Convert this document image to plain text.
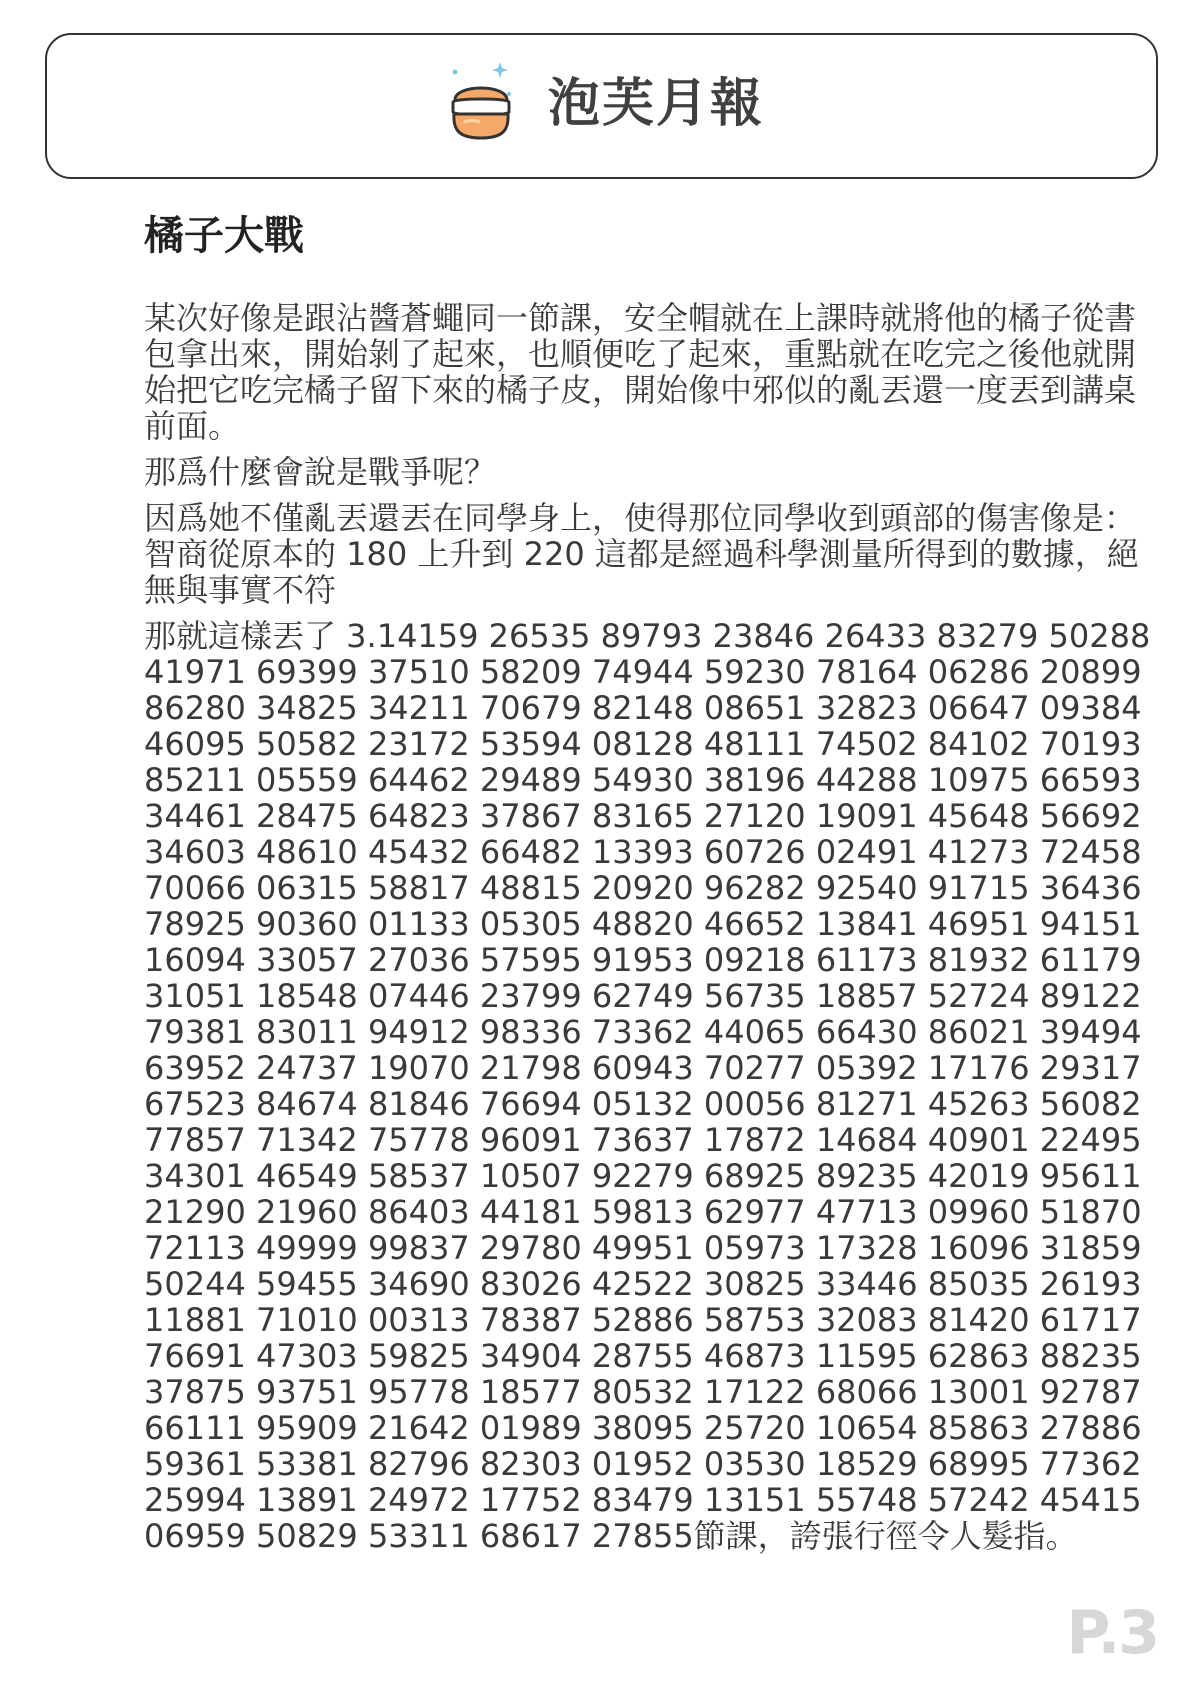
泡芙月報
橘子大戰

某次好像是跟沾醬蒼蠅同一節課，安全帽就在上課時就將他的橘子從書包拿出來，開始剝了起來，也順便吃了起來，重點就在吃完之後他就開始把它吃完橘子留下來的橘子皮，開始像中邪似的亂丟還一度丟到講桌前面。

那爲什麼會說是戰爭呢？

因爲她不僅亂丟還丟在同學身上，使得那位同學收到頭部的傷害像是：智商從原本的 180 上升到 220 這都是經過科學測量所得到的數據，絕無與事實不符

那就這樣丟了 3.14159 26535 89793 23846 26433 83279 50288 41971 69399 37510 58209 74944 59230 78164 06286 20899 86280 34825 34211 70679 82148 08651 32823 06647 09384 46095 50582 23172 53594 08128 48111 74502 84102 70193 85211 05559 64462 29489 54930 38196 44288 10975 66593 34461 28475 64823 37867 83165 27120 19091 45648 56692 34603 48610 45432 66482 13393 60726 02491 41273 72458 70066 06315 58817 48815 20920 96282 92540 91715 36436 78925 90360 01133 05305 48820 46652 13841 46951 94151 16094 33057 27036 57595 91953 09218 61173 81932 61179 31051 18548 07446 23799 62749 56735 18857 52724 89122 79381 83011 94912 98336 73362 44065 66430 86021 39494 63952 24737 19070 21798 60943 70277 05392 17176 29317 67523 84674 81846 76694 05132 00056 81271 45263 56082 77857 71342 75778 96091 73637 17872 14684 40901 22495 34301 46549 58537 10507 92279 68925 89235 42019 95611 21290 21960 86403 44181 59813 62977 47713 09960 51870 72113 49999 99837 29780 49951 05973 17328 16096 31859 50244 59455 34690 83026 42522 30825 33446 85035 26193 11881 71010 00313 78387 52886 58753 32083 81420 61717 76691 47303 59825 34904 28755 46873 11595 62863 88235 37875 93751 95778 18577 80532 17122 68066 13001 92787 66111 95909 21642 01989 38095 25720 10654 85863 27886 59361 53381 82796 82303 01952 03530 18529 68995 77362 25994 13891 24972 17752 83479 13151 55748 57242 45415 06959 50829 53311 68617 27855節課，誇張行徑令人髮指。

P.3
